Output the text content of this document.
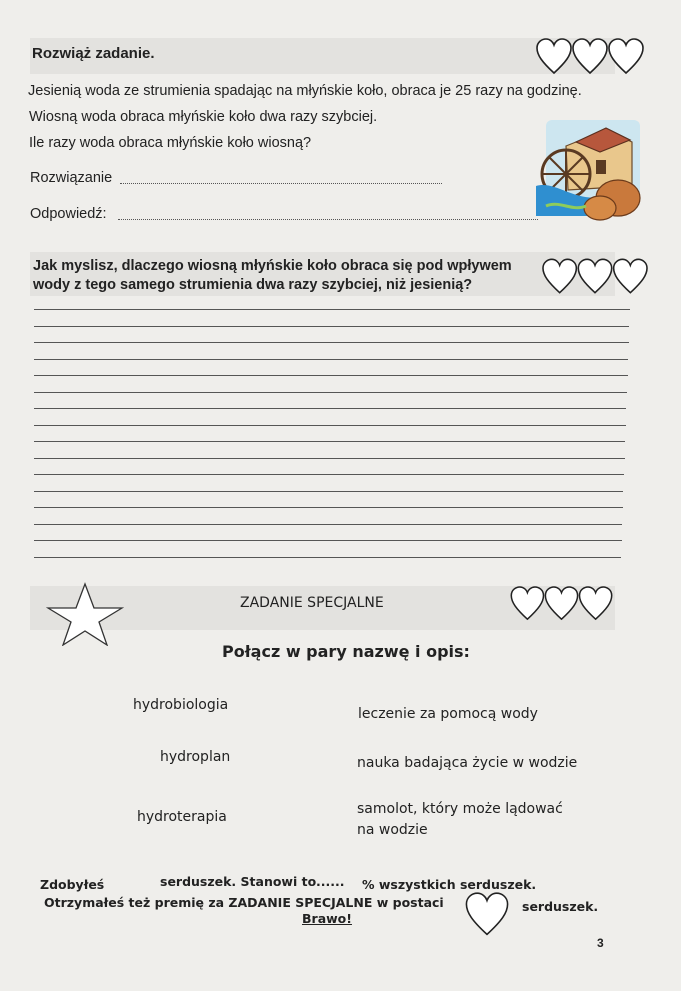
Rozwiąż zadanie.
Jesienią woda ze strumienia spadając na młyńskie koło, obraca je 25 razy na godzinę.
Wiosną woda obraca młyńskie koło dwa razy szybciej.
Ile razy woda obraca młyńskie koło wiosną?
Rozwiązanie
Odpowiedź:
Jak myslisz, dlaczego wiosną młyńskie koło obraca się pod wpływem
wody z tego samego strumienia dwa razy szybciej, niż jesienią?
ZADANIE SPECJALNE
Połącz w pary nazwę i opis:
hydrobiologia
hydroplan
hydroterapia
leczenie za pomocą wody
nauka badająca życie w wodzie
samolot, który może lądować
na wodzie
Zdobyłeś	serduszek. Stanowi to ...... % wszystkich serduszek.
Otrzymałeś też premię za ZADANIE SPECJALNE w postaci	serduszek.
Brawo!
3
